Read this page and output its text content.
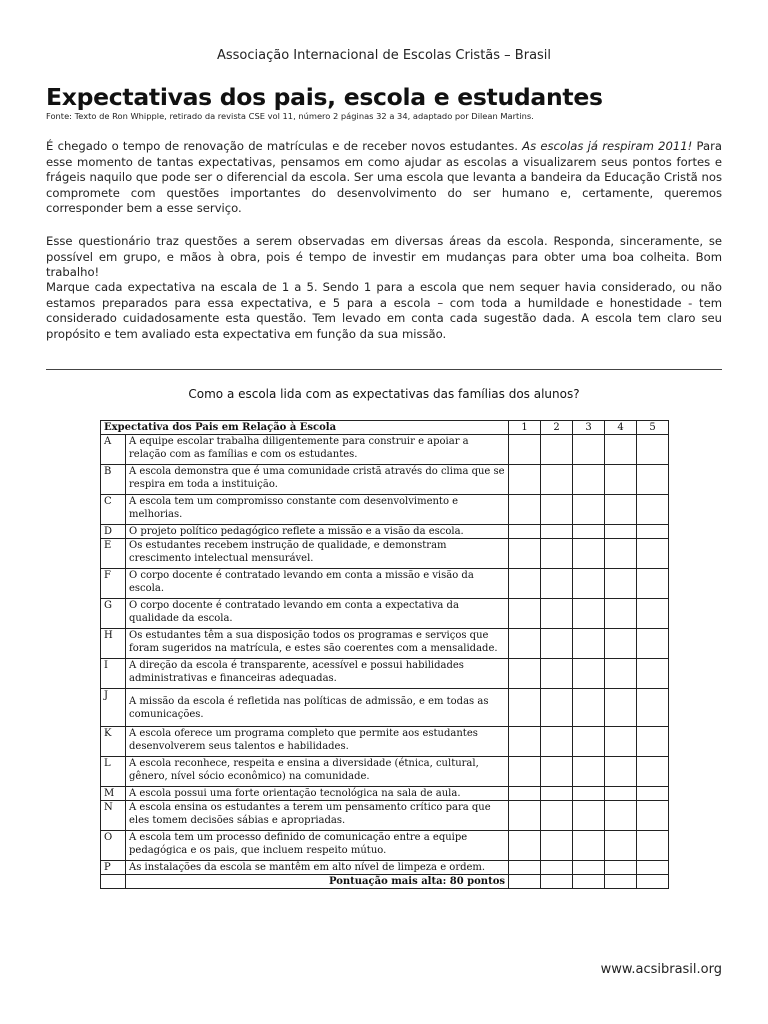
Associação Internacional de Escolas Cristãs – Brasil
Expectativas dos pais, escola e estudantes
Fonte: Texto de Ron Whipple, retirado da revista CSE vol 11, número 2 páginas 32 a 34, adaptado por Dilean Martins.

É chegado o tempo de renovação de matrículas e de receber novos estudantes. As escolas já respiram 2011! Para esse momento de tantas expectativas, pensamos em como ajudar as escolas a visualizarem seus pontos fortes e frágeis naquilo que pode ser o diferencial da escola. Ser uma escola que levanta a bandeira da Educação Cristã nos compromete com questões importantes do desenvolvimento do ser humano e, certamente, queremos corresponder bem a esse serviço.

Esse questionário traz questões a serem observadas em diversas áreas da escola. Responda, sinceramente, se possível em grupo, e mãos à obra, pois é tempo de investir em mudanças para obter uma boa colheita. Bom trabalho!

Marque cada expectativa na escala de 1 a 5. Sendo 1 para a escola que nem sequer havia considerado, ou não estamos preparados para essa expectativa, e 5 para a escola – com toda a humildade e honestidade - tem considerado cuidadosamente esta questão. Tem levado em conta cada sugestão dada. A escola tem claro seu propósito e tem avaliado esta expectativa em função da sua missão.

Como a escola lida com as expectativas das famílias dos alunos?
Expectativa dos Pais em Relação à Escola		1	2	3	4	5
A	A equipe escolar trabalha diligentemente para construir e apoiar a relação com as famílias e com os estudantes.					
B	A escola demonstra que é uma comunidade cristã através do clima que se respira em toda a instituição.					
C	A escola tem um compromisso constante com desenvolvimento e melhorias.					
D	O projeto político pedagógico reflete a missão e a visão da escola.					
E	Os estudantes recebem instrução de qualidade, e demonstram crescimento intelectual mensurável.					
F	O corpo docente é contratado levando em conta a missão e visão da escola.					
G	O corpo docente é contratado levando em conta a expectativa da qualidade da escola.					
H	Os estudantes têm a sua disposição todos os programas e serviços que foram sugeridos na matrícula, e estes são coerentes com a mensalidade.					
I	A direção da escola é transparente, acessível e possui habilidades administrativas e financeiras adequadas.					
J	A missão da escola é refletida nas políticas de admissão, e em todas as comunicações.					
K	A escola oferece um programa completo que permite aos estudantes desenvolverem seus talentos e habilidades.					
L	A escola reconhece, respeita e ensina a diversidade (étnica, cultural, gênero, nível sócio econômico) na comunidade.					
M	A escola possui uma forte orientação tecnológica na sala de aula.					
N	A escola ensina os estudantes a terem um pensamento crítico para que eles tomem decisões sábias e apropriadas.					
O	A escola tem um processo definido de comunicação entre a equipe pedagógica e os pais, que incluem respeito mútuo.					
P	As instalações da escola se mantêm em alto nível de limpeza e ordem.					
	Pontuação mais alta: 80 pontos					
www.acsibrasil.org
